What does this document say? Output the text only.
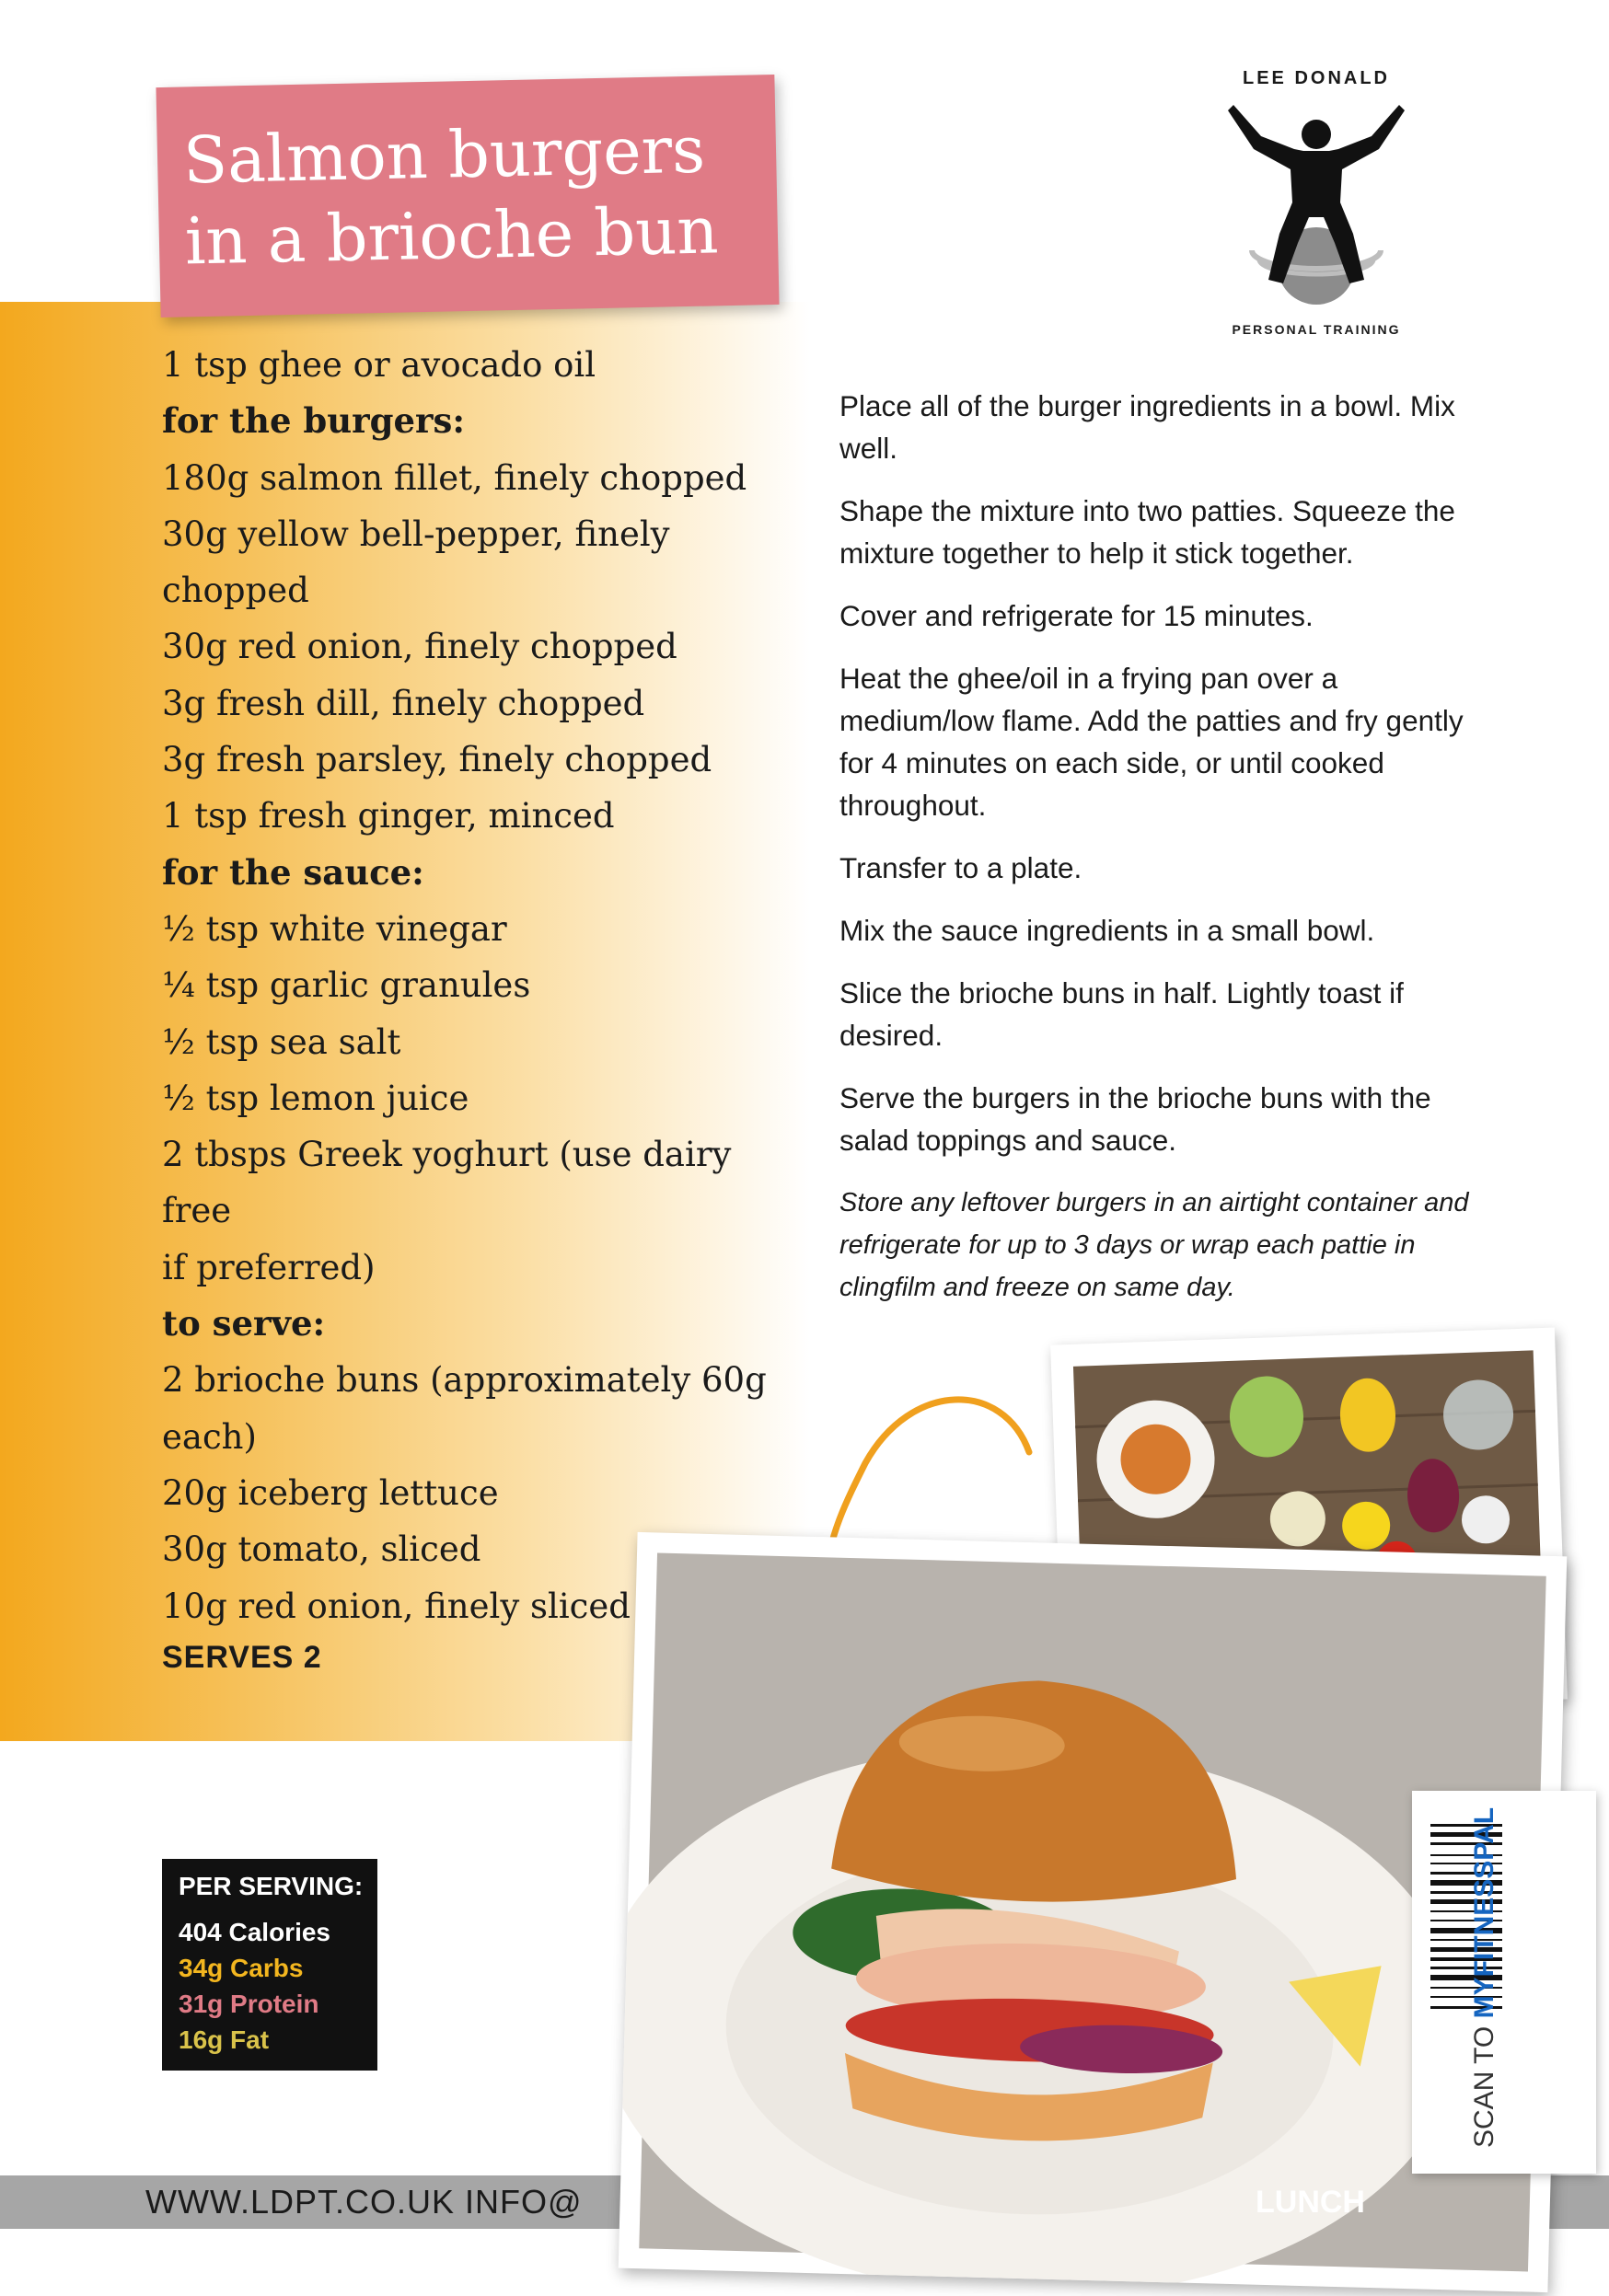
Salmon burgers
in a brioche bun
LEE DONALD
PERSONAL TRAINING
1 tsp ghee or avocado oil
for the burgers:
180g salmon fillet, finely chopped
30g yellow bell-pepper, finely
chopped
30g red onion, finely chopped
3g fresh dill, finely chopped
3g fresh parsley, finely chopped
1 tsp fresh ginger, minced
for the sauce:
½ tsp white vinegar
¼ tsp garlic granules
½ tsp sea salt
½ tsp lemon juice
2 tbsps Greek yoghurt (use dairy free
if preferred)
to serve:
2 brioche buns (approximately 60g
each)
20g iceberg lettuce
30g tomato, sliced
10g red onion, finely sliced
SERVES 2

Place all of the burger ingredients in a bowl. Mix well.

Shape the mixture into two patties. Squeeze the mixture together to help it stick together.

Cover and refrigerate for 15 minutes.

Heat the ghee/oil in a frying pan over a medium/low flame. Add the patties and fry gently for 4 minutes on each side, or until cooked throughout.

Transfer to a plate.

Mix the sauce ingredients in a small bowl.

Slice the brioche buns in half. Lightly toast if desired.

Serve the burgers in the brioche buns with the salad toppings and sauce.

Store any leftover burgers in an airtight container and refrigerate for up to 3 days or wrap each pattie in clingfilm and freeze on same day.

PER SERVING:
404 Calories
34g Carbs
31g Protein
16g Fat
WWW.LDPT.CO.UK INFO@	LUNCH
SCAN TO MYFITNESSPAL
